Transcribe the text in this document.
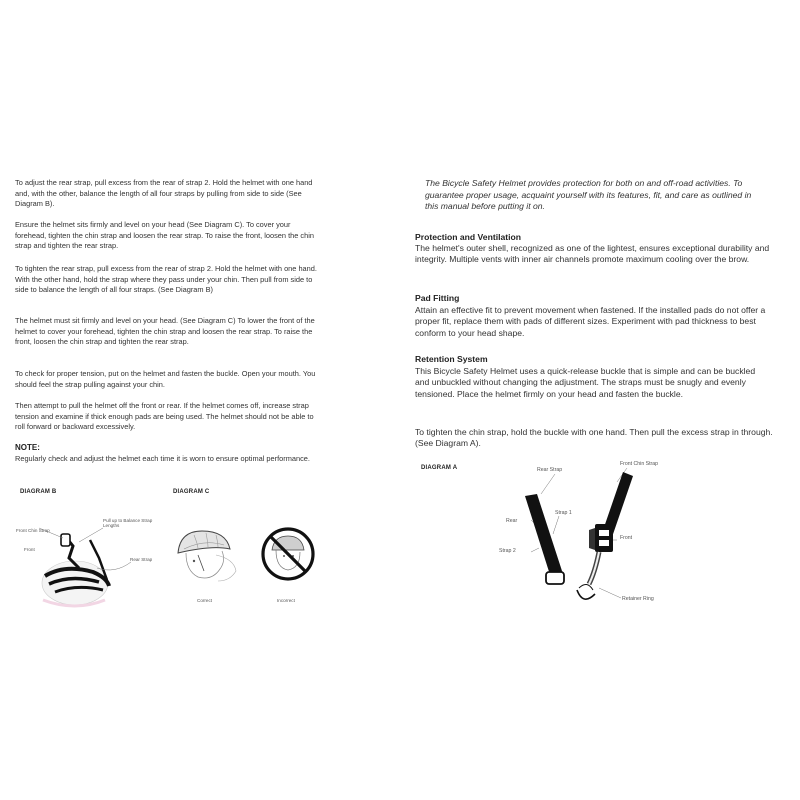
To adjust the rear strap, pull excess from the rear of strap 2. Hold the helmet with one hand and, with the other, balance the length of all four straps by pulling from side to side (See Diagram B).

Ensure the helmet sits firmly and level on your head (See Diagram C). To cover your forehead, tighten the chin strap and loosen the rear strap. To raise the front, loosen the chin strap and tighten the rear strap.

To tighten the rear strap, pull excess from the rear of strap 2. Hold the helmet with one hand. With the other hand, hold the strap where they pass under your chin. Then pull from side to side to balance the length of all four straps. (See Diagram B)

The helmet must sit firmly and level on your head. (See Diagram C) To lower the front of the helmet to cover your forehead, tighten the chin strap and loosen the rear strap. To raise the front, loosen the chin strap and tighten the rear strap.

To check for proper tension, put on the helmet and fasten the buckle. Open your mouth. You should feel the strap pulling against your chin.

Then attempt to pull the helmet off the front or rear. If the helmet comes off, increase strap tension and examine if thick enough pads are being used. The helmet should not be able to roll forward or backward excessively.

NOTE:

Regularly check and adjust the helmet each time it is worn to ensure optimal performance.

DIAGRAM B

Front Chin Strap

Pull up to Balance Strap Lengths

Front

Rear Strap

DIAGRAM C

Correct	Incorrect

The Bicycle Safety Helmet provides protection for both on and off-road activities. To guarantee proper usage, acquaint yourself with its features, fit, and care as outlined in this manual before putting it on.

Protection and Ventilation

The helmet's outer shell, recognized as one of the lightest, ensures exceptional durability and integrity. Multiple vents with inner air channels promote maximum cooling over the brow.

Pad Fitting

Attain an effective fit to prevent movement when fastened. If the installed pads do not offer a proper fit, replace them with pads of different sizes. Experiment with pad thickness to best conform to your head shape.

Retention System

This Bicycle Safety Helmet uses a quick-release buckle that is simple and can be buckled and unbuckled without changing the adjustment. The straps must be snugly and evenly tensioned. Place the helmet firmly on your head and fasten the buckle.

To tighten the chin strap, hold the buckle with one hand. Then pull the excess strap in through. (See Diagram A).

DIAGRAM A	Rear Strap

Front Chin Strap

Strap 1

Rear

Front

Strap 2

Retainer Ring
